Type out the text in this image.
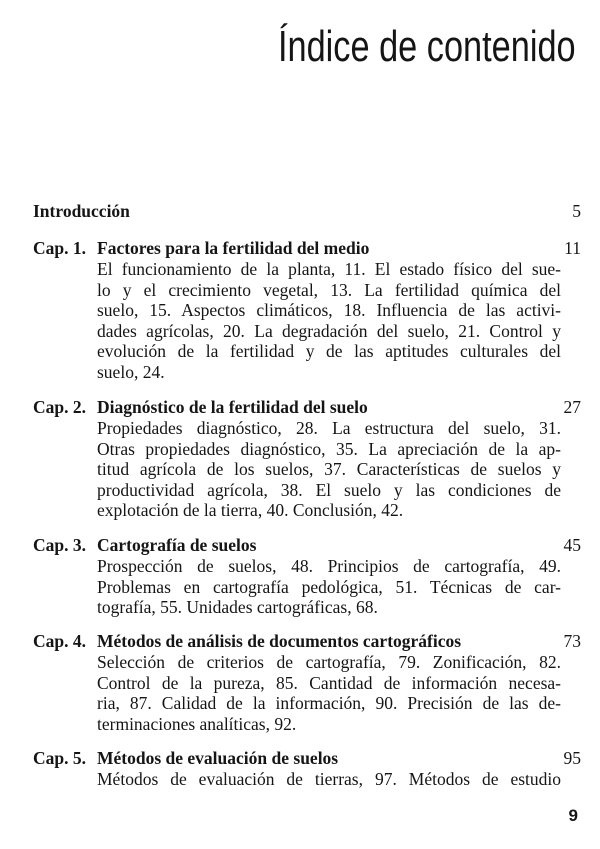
Índice de contenido
Introducción	5
Cap. 1. Factores para la fertilidad del medio	11
El funcionamiento de la planta, 11. El estado físico del sue-
lo y el crecimiento vegetal, 13. La fertilidad química del
suelo, 15. Aspectos climáticos, 18. Influencia de las activi-
dades agrícolas, 20. La degradación del suelo, 21. Control y
evolución de la fertilidad y de las aptitudes culturales del
suelo, 24.
Cap. 2. Diagnóstico de la fertilidad del suelo	27
Propiedades diagnóstico, 28. La estructura del suelo, 31.
Otras propiedades diagnóstico, 35. La apreciación de la ap-
titud agrícola de los suelos, 37. Características de suelos y
productividad agrícola, 38. El suelo y las condiciones de
explotación de la tierra, 40. Conclusión, 42.
Cap. 3. Cartografía de suelos	45
Prospección de suelos, 48. Principios de cartografía, 49.
Problemas en cartografía pedológica, 51. Técnicas de car-
tografía, 55. Unidades cartográficas, 68.
Cap. 4. Métodos de análisis de documentos cartográficos	73
Selección de criterios de cartografía, 79. Zonificación, 82.
Control de la pureza, 85. Cantidad de información necesa-
ria, 87. Calidad de la información, 90. Precisión de las de-
terminaciones analíticas, 92.
Cap. 5. Métodos de evaluación de suelos	95
Métodos de evaluación de tierras, 97. Métodos de estudio
9
